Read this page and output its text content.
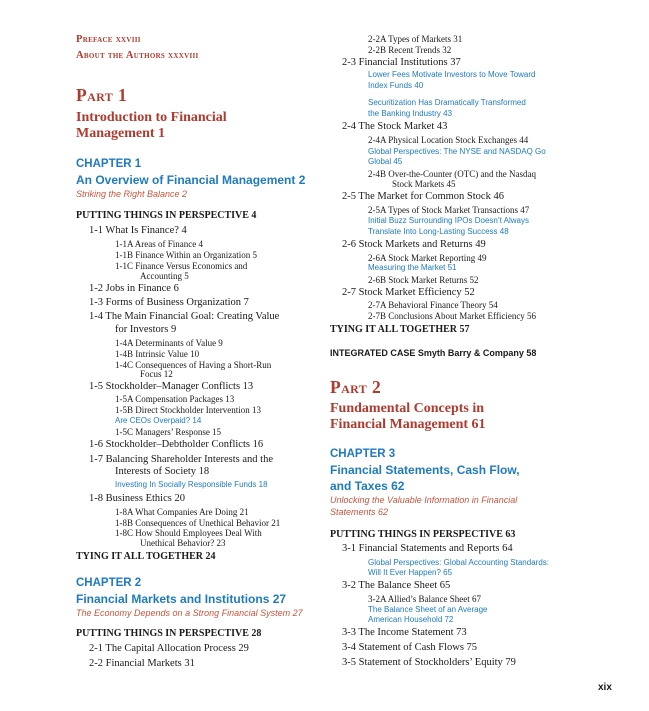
Preface xxviii
About the Authors xxxviii
Part 1
Introduction to Financial
Management 1
CHAPTER 1
An Overview of Financial Management 2
Striking the Right Balance 2
PUTTING THINGS IN PERSPECTIVE 4
1-1 What Is Finance? 4
1-1A Areas of Finance 4
1-1B Finance Within an Organization 5
1-1C Finance Versus Economics and
Accounting 5
1-2 Jobs in Finance 6
1-3 Forms of Business Organization 7
1-4 The Main Financial Goal: Creating Value
for Investors 9
1-4A Determinants of Value 9
1-4B Intrinsic Value 10
1-4C Consequences of Having a Short-Run
Focus 12
1-5 Stockholder–Manager Conflicts 13
1-5A Compensation Packages 13
1-5B Direct Stockholder Intervention 13
Are CEOs Overpaid? 14
1-5C Managers’ Response 15
1-6 Stockholder–Debtholder Conflicts 16
1-7 Balancing Shareholder Interests and the
Interests of Society 18
Investing In Socially Responsible Funds 18
1-8 Business Ethics 20
1-8A What Companies Are Doing 21
1-8B Consequences of Unethical Behavior 21
1-8C How Should Employees Deal With
Unethical Behavior? 23
TYING IT ALL TOGETHER 24
CHAPTER 2
Financial Markets and Institutions 27
The Economy Depends on a Strong Financial System 27
PUTTING THINGS IN PERSPECTIVE 28
2-1 The Capital Allocation Process 29
2-2 Financial Markets 31
2-2A Types of Markets 31
2-2B Recent Trends 32
2-3 Financial Institutions 37
Lower Fees Motivate Investors to Move Toward
Index Funds 40
Securitization Has Dramatically Transformed
the Banking Industry 43
2-4 The Stock Market 43
2-4A Physical Location Stock Exchanges 44
Global Perspectives: The NYSE and NASDAQ Go
Global 45
2-4B Over-the-Counter (OTC) and the Nasdaq
Stock Markets 45
2-5 The Market for Common Stock 46
2-5A Types of Stock Market Transactions 47
Initial Buzz Surrounding IPOs Doesn’t Always
Translate Into Long-Lasting Success 48
2-6 Stock Markets and Returns 49
2-6A Stock Market Reporting 49
Measuring the Market 51
2-6B Stock Market Returns 52
2-7 Stock Market Efficiency 52
2-7A Behavioral Finance Theory 54
2-7B Conclusions About Market Efficiency 56
TYING IT ALL TOGETHER 57
INTEGRATED CASE Smyth Barry & Company 58
Part 2
Fundamental Concepts in
Financial Management 61
CHAPTER 3
Financial Statements, Cash Flow,
and Taxes 62
Unlocking the Valuable Information in Financial
Statements 62
PUTTING THINGS IN PERSPECTIVE 63
3-1 Financial Statements and Reports 64
Global Perspectives: Global Accounting Standards:
Will It Ever Happen? 65
3-2 The Balance Sheet 65
3-2A Allied’s Balance Sheet 67
The Balance Sheet of an Average
American Household 72
3-3 The Income Statement 73
3-4 Statement of Cash Flows 75
3-5 Statement of Stockholders’ Equity 79
xix
